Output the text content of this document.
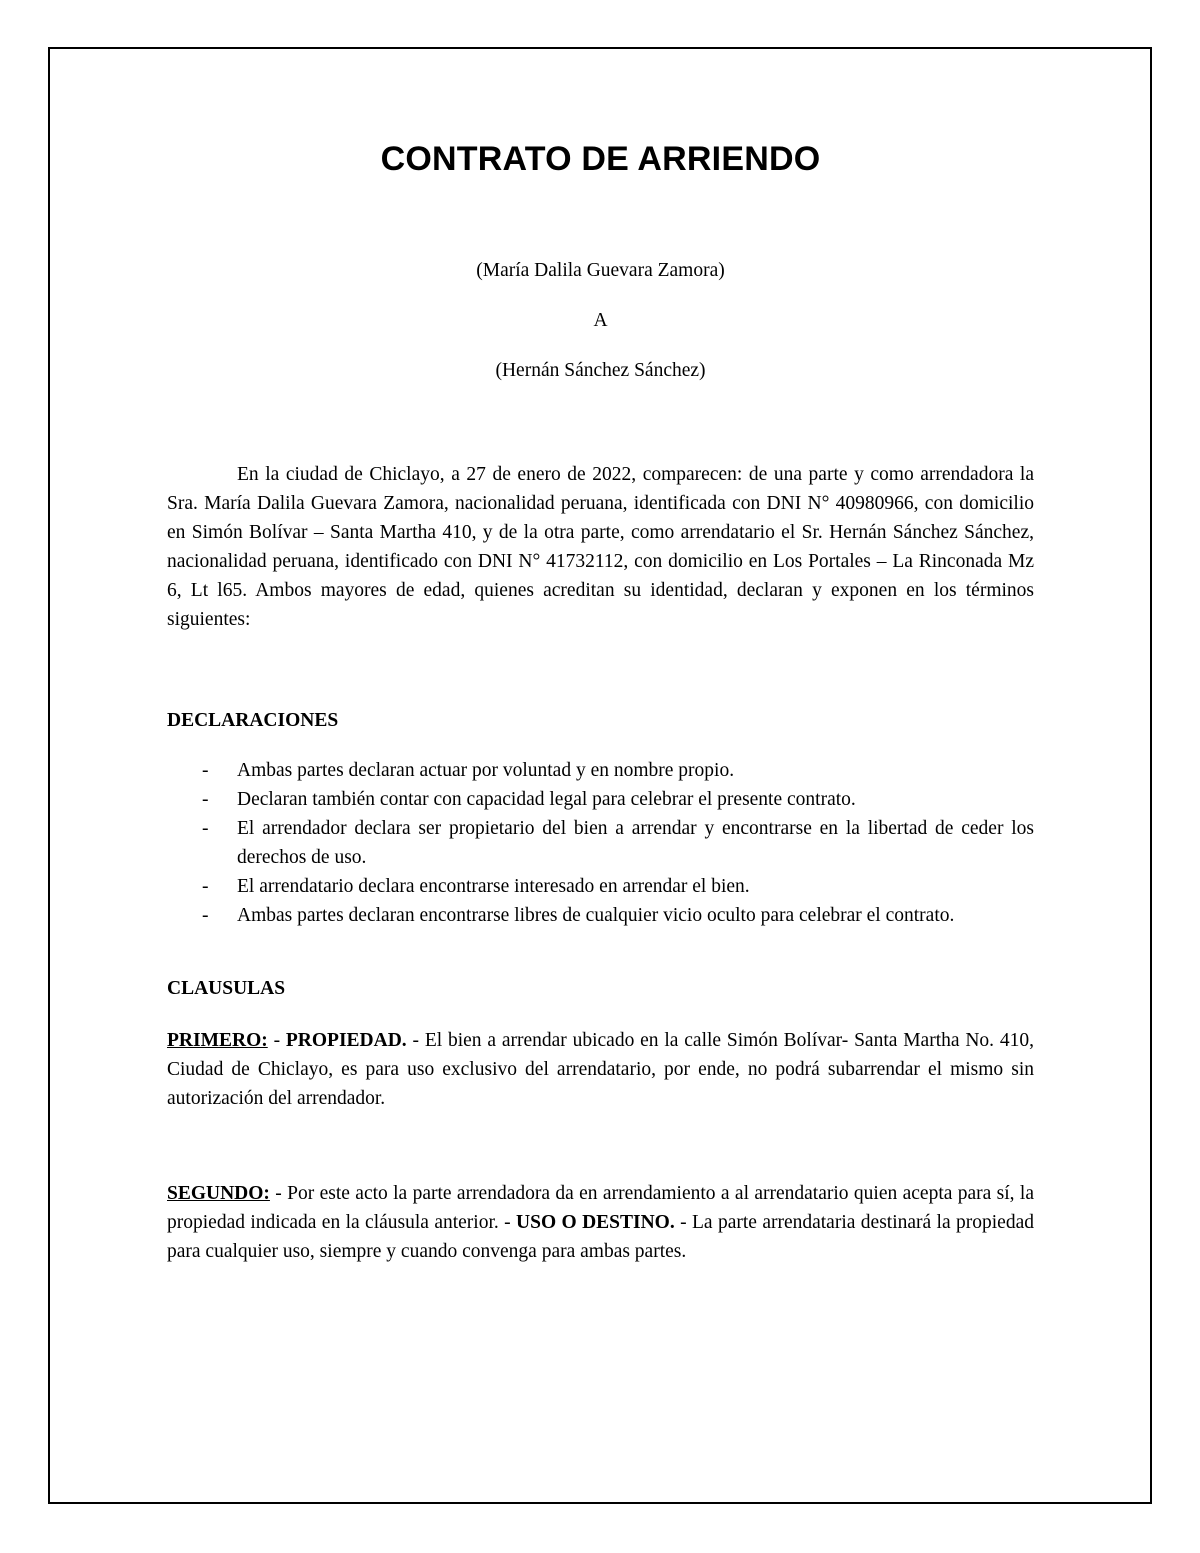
CONTRATO DE ARRIENDO

(María Dalila Guevara Zamora)

A

(Hernán Sánchez Sánchez)

En la ciudad de Chiclayo, a 27 de enero de 2022, comparecen: de una parte y como arrendadora la Sra. María Dalila Guevara Zamora, nacionalidad peruana, identificada con DNI N° 40980966, con domicilio en Simón Bolívar – Santa Martha 410, y de la otra parte, como arrendatario el Sr. Hernán Sánchez Sánchez, nacionalidad peruana, identificado con DNI N° 41732112, con domicilio en Los Portales – La Rinconada Mz 6, Lt l65. Ambos mayores de edad, quienes acreditan su identidad, declaran y exponen en los términos siguientes:

DECLARACIONES

- Ambas partes declaran actuar por voluntad y en nombre propio.
- Declaran también contar con capacidad legal para celebrar el presente contrato.
- El arrendador declara ser propietario del bien a arrendar y encontrarse en la libertad de ceder los derechos de uso.
- El arrendatario declara encontrarse interesado en arrendar el bien.
- Ambas partes declaran encontrarse libres de cualquier vicio oculto para celebrar el contrato.

CLAUSULAS

PRIMERO: - PROPIEDAD. - El bien a arrendar ubicado en la calle Simón Bolívar- Santa Martha No. 410, Ciudad de Chiclayo, es para uso exclusivo del arrendatario, por ende, no podrá subarrendar el mismo sin autorización del arrendador.

SEGUNDO: - Por este acto la parte arrendadora da en arrendamiento a al arrendatario quien acepta para sí, la propiedad indicada en la cláusula anterior. - USO O DESTINO. - La parte arrendataria destinará la propiedad para cualquier uso, siempre y cuando convenga para ambas partes.
